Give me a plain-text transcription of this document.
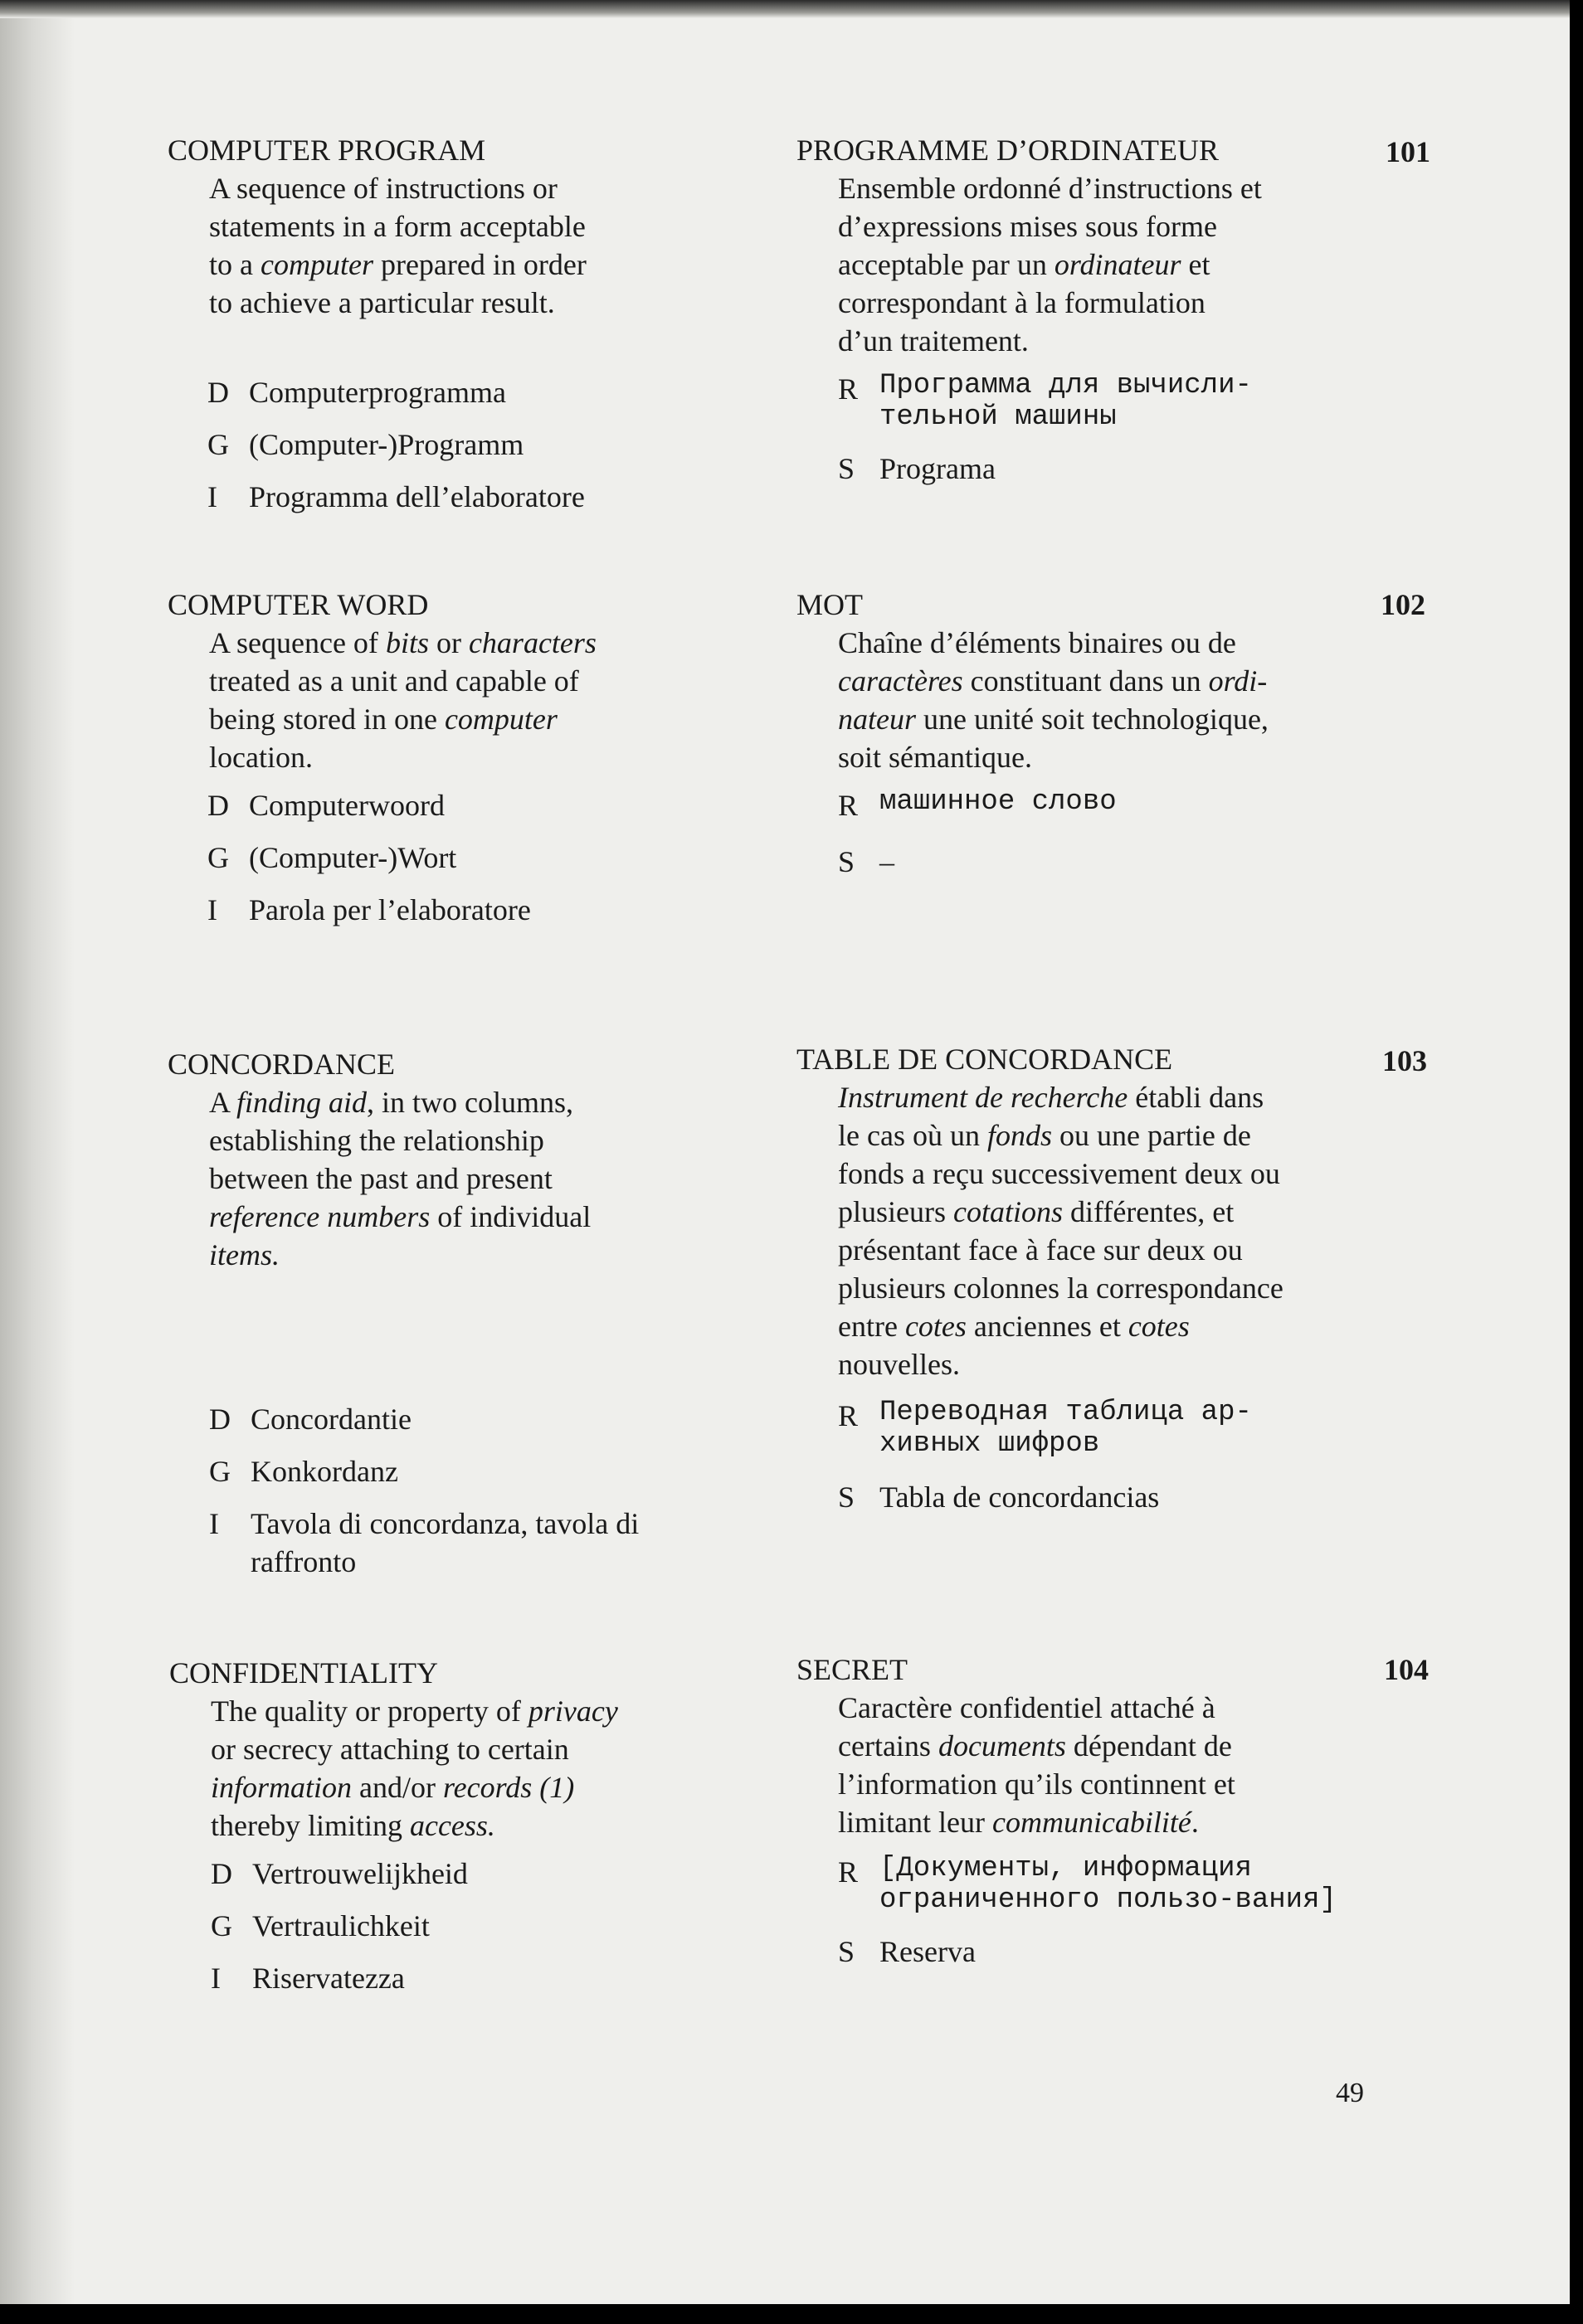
COMPUTER PROGRAM
A sequence of instructions or
statements in a form acceptable
to a computer prepared in order
to achieve a particular result.
D Computerprogramma
G (Computer-)Programm
I	Programma dell’elaboratore
PROGRAMME D’ORDINATEUR
Ensemble ordonné d’instructions et
d’expressions mises sous forme
acceptable par un ordinateur et
correspondant à la formulation
d’un traitement.
R Программа для вычисли-тельной машины
S Programa
101
COMPUTER WORD
A sequence of bits or characters
treated as a unit and capable of
being stored in one computer
location.
D Computerwoord
G (Computer-)Wort
I	Parola per l’elaboratore
MOT
Chaîne d’éléments binaires ou de
caractères constituant dans un ordi-
nateur une unité soit technologique,
soit sémantique.
R машинное слово
S –
102
CONCORDANCE
A finding aid, in two columns,
establishing the relationship
between the past and present
reference numbers of individual
items.
D Concordantie
G Konkordanz
I	Tavola di concordanza, tavola di raffronto
TABLE DE CONCORDANCE
Instrument de recherche établi dans
le cas où un fonds ou une partie de
fonds a reçu successivement deux ou
plusieurs cotations différentes, et
présentant face à face sur deux ou
plusieurs colonnes la correspondance
entre cotes anciennes et cotes
nouvelles.
R Переводная таблица ар-хивных шифров
S Tabla de concordancias
103
CONFIDENTIALITY
The quality or property of privacy
or secrecy attaching to certain
information and/or records (1)
thereby limiting access.
D Vertrouwelijkheid
G Vertraulichkeit
I	Riservatezza
SECRET
Caractère confidentiel attaché à
certains documents dépendant de
l’information qu’ils continnent et
limitant leur communicabilité.
R [Документы, информация ограниченного пользо-вания]
S Reserva
104
49
